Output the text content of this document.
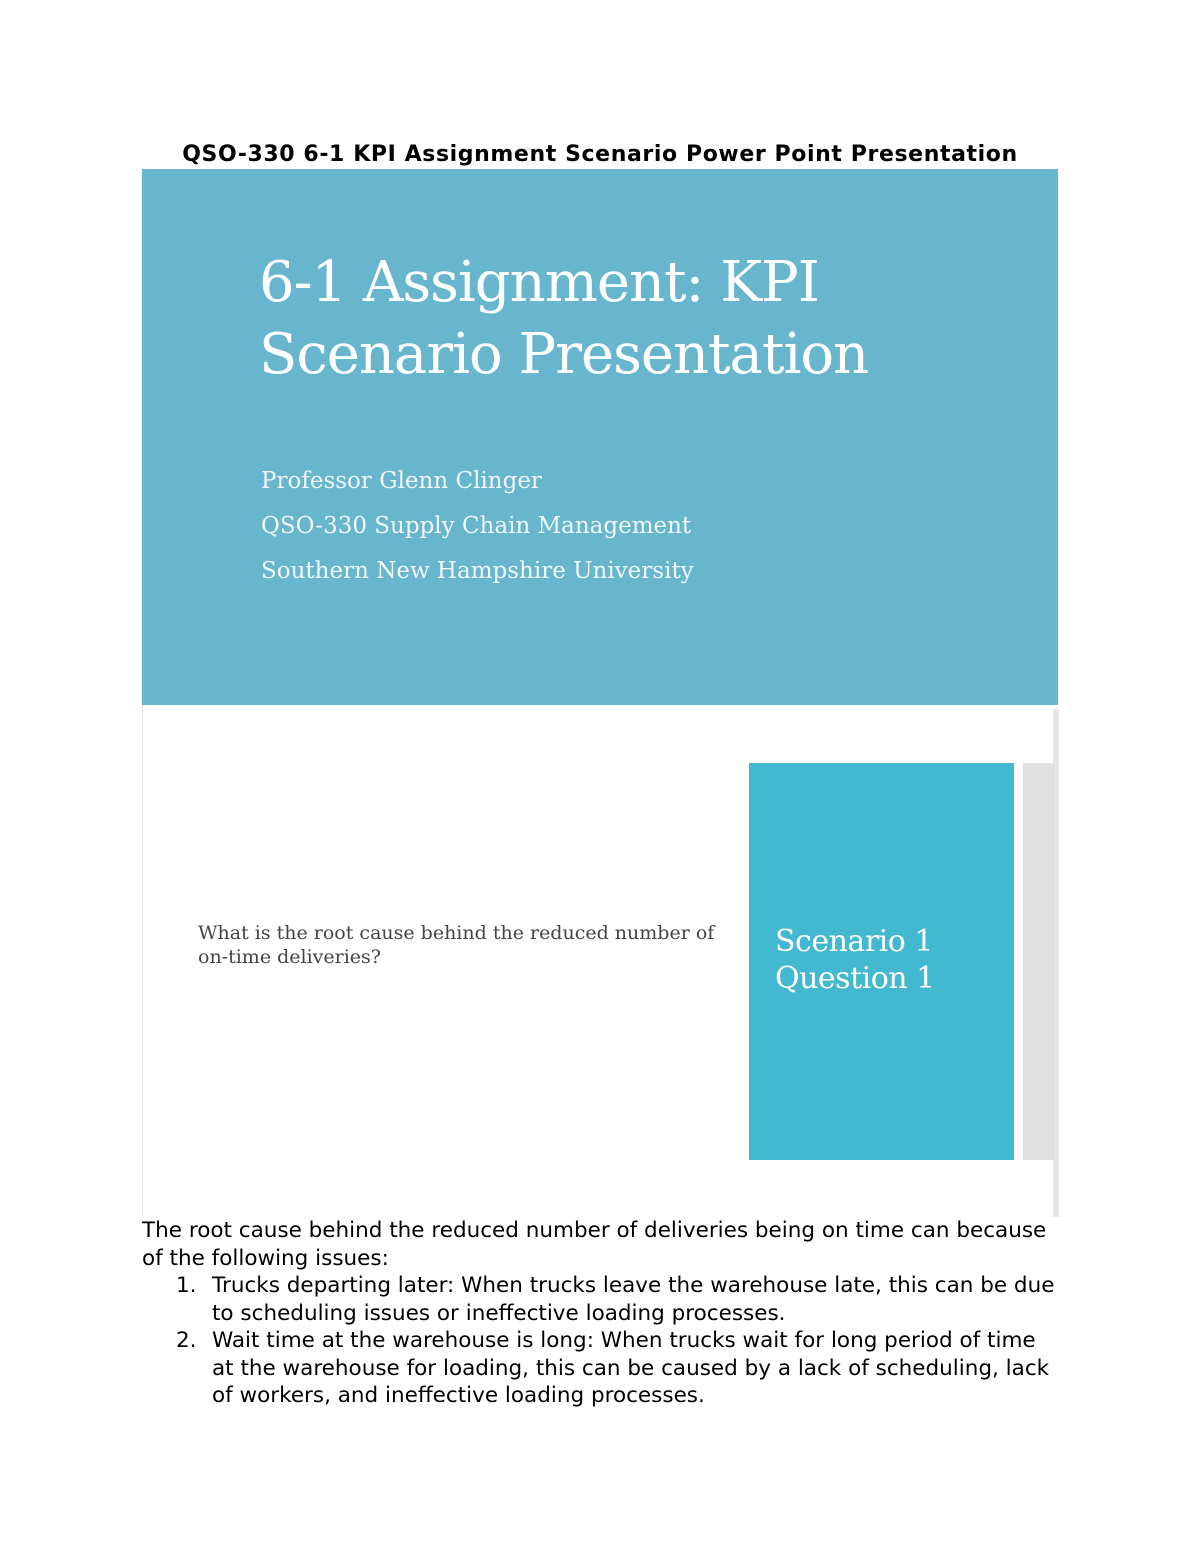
QSO-330 6-1 KPI Assignment Scenario Power Point Presentation
6-1 Assignment: KPI
Scenario Presentation
Professor Glenn Clinger
QSO-330 Supply Chain Management
Southern New Hampshire University
What is the root cause behind the reduced number of on-time deliveries?	Scenario 1
Question 1

The root cause behind the reduced number of deliveries being on time can because of the following issues:

1. Trucks departing later: When trucks leave the warehouse late, this can be due to scheduling issues or ineffective loading processes.
2. Wait time at the warehouse is long: When trucks wait for long period of time at the warehouse for loading, this can be caused by a lack of scheduling, lack of workers, and ineffective loading processes.
